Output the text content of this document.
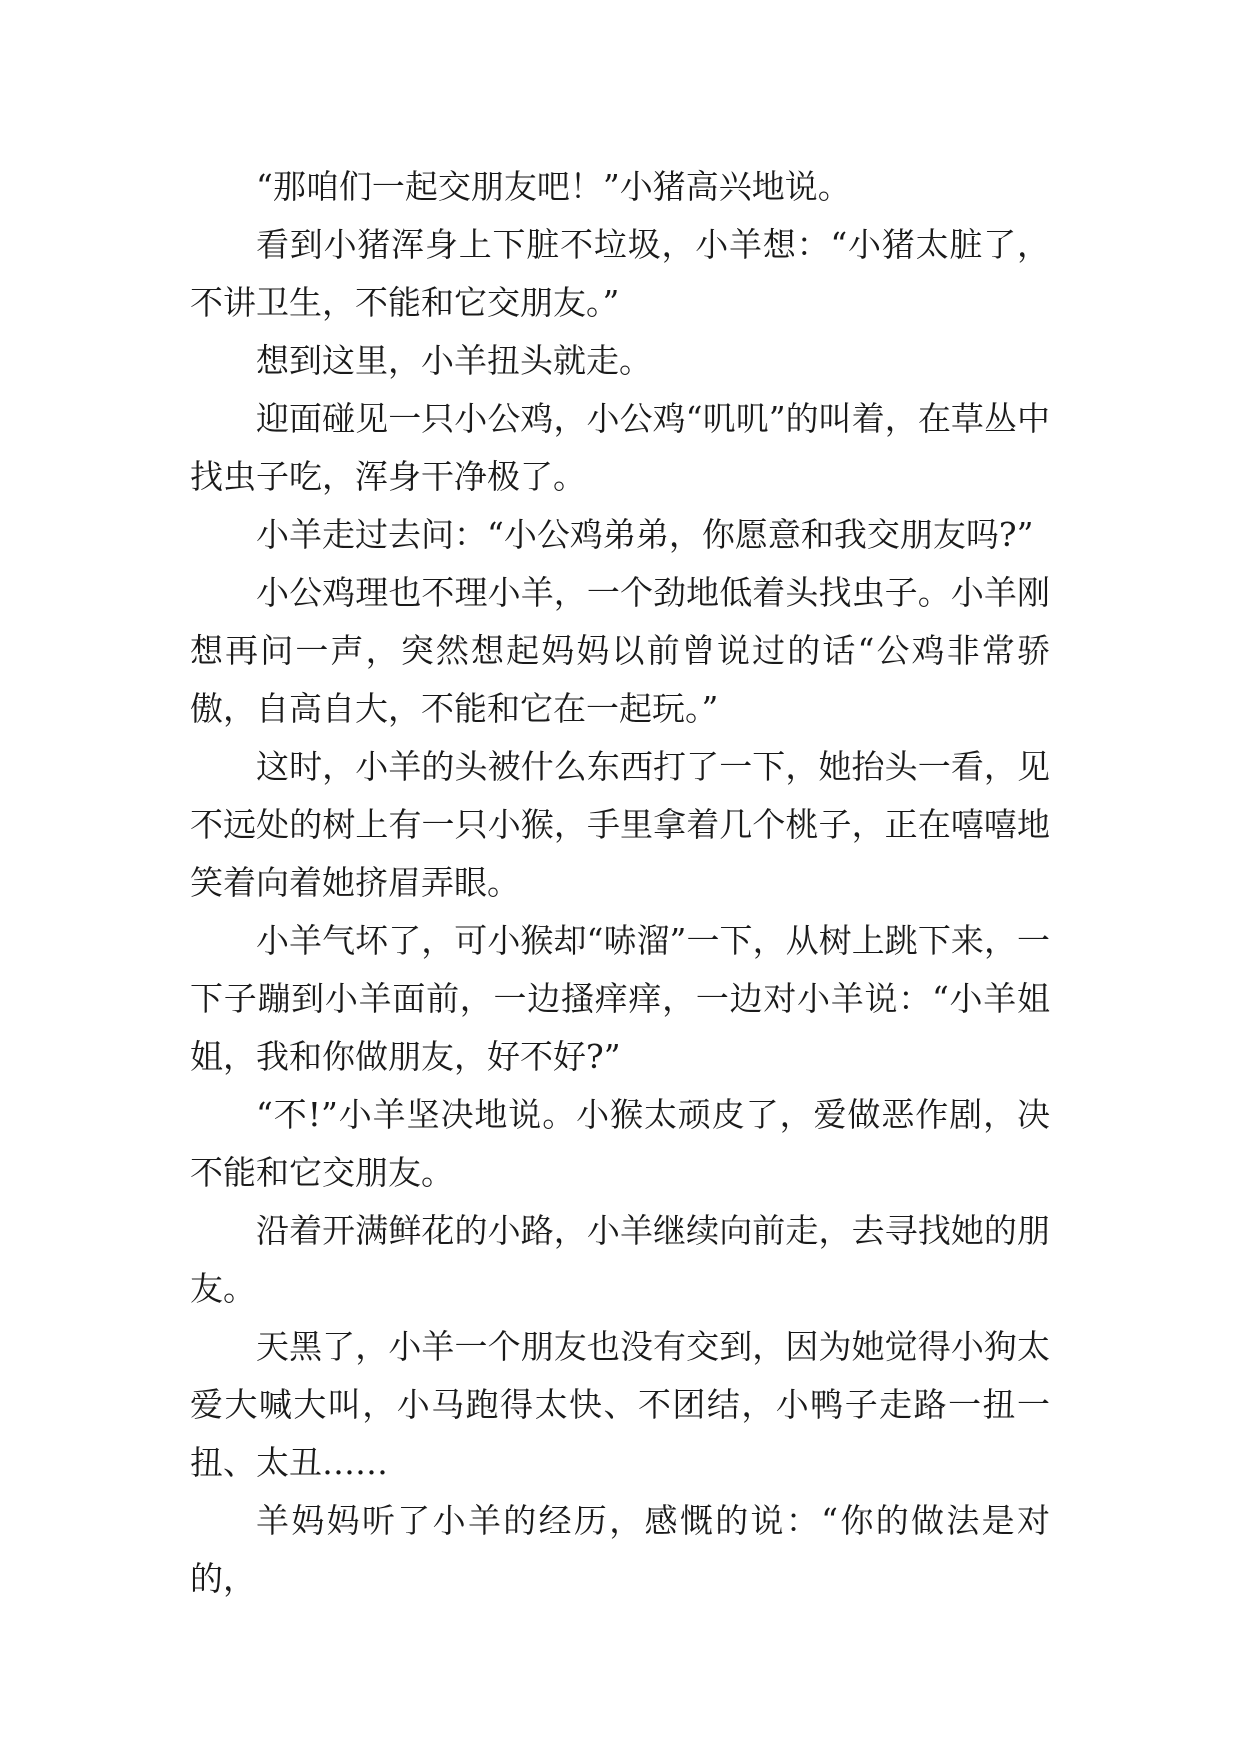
“那咱们一起交朋友吧！”小猪高兴地说。

看到小猪浑身上下脏不垃圾，小羊想：“小猪太脏了，不讲卫生，不能和它交朋友。”

想到这里，小羊扭头就走。

迎面碰见一只小公鸡，小公鸡“叽叽”的叫着，在草丛中找虫子吃，浑身干净极了。

小羊走过去问：“小公鸡弟弟，你愿意和我交朋友吗?”

小公鸡理也不理小羊，一个劲地低着头找虫子。小羊刚想再问一声，突然想起妈妈以前曾说过的话“公鸡非常骄傲，自高自大，不能和它在一起玩。”

这时，小羊的头被什么东西打了一下，她抬头一看，见不远处的树上有一只小猴，手里拿着几个桃子，正在嘻嘻地笑着向着她挤眉弄眼。

小羊气坏了，可小猴却“哧溜”一下，从树上跳下来，一下子蹦到小羊面前，一边搔痒痒，一边对小羊说：“小羊姐姐，我和你做朋友，好不好?”

“不!”小羊坚决地说。小猴太顽皮了，爱做恶作剧，决不能和它交朋友。

沿着开满鲜花的小路，小羊继续向前走，去寻找她的朋友。

天黑了，小羊一个朋友也没有交到，因为她觉得小狗太爱大喊大叫，小马跑得太快、不团结，小鸭子走路一扭一扭、太丑……

羊妈妈听了小羊的经历，感慨的说：“你的做法是对的，
